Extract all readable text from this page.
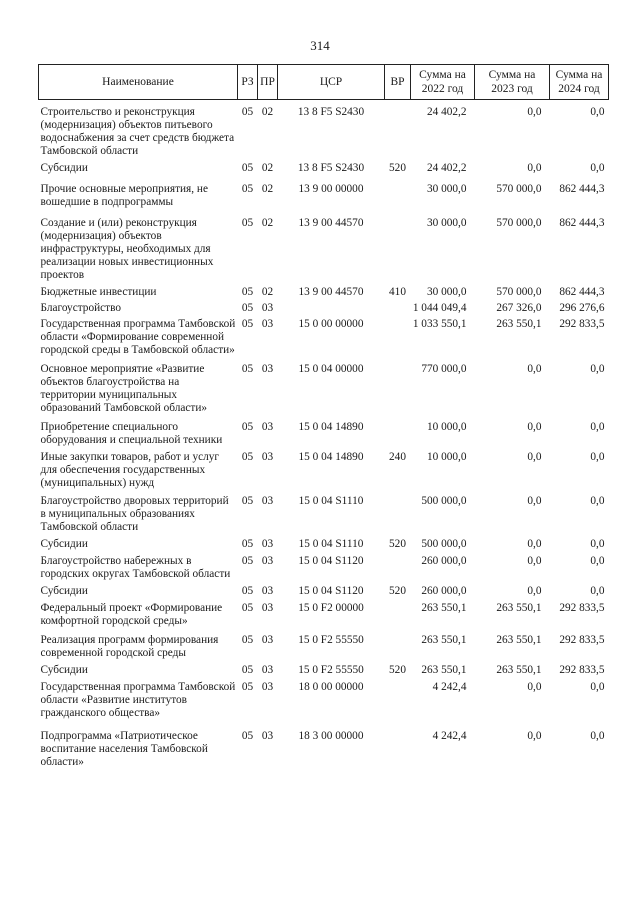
314
Наименование	РЗ	ПР	ЦСР	ВР	Сумма на 2022 год	Сумма на 2023 год	Сумма на 2024 год
Строительство и реконструкция (модернизация) объектов питьевого водоснабжения за счет средств бюджета Тамбовской области	05	02	13 8 F5 S2430		24 402,2	0,0	0,0
Субсидии	05	02	13 8 F5 S2430	520	24 402,2	0,0	0,0
Прочие основные мероприятия, не вошедшие в подпрограммы	05	02	13 9 00 00000		30 000,0	570 000,0	862 444,3
Создание и (или) реконструкция (модернизация) объектов инфраструктуры, необходимых для реализации новых инвестиционных проектов	05	02	13 9 00 44570		30 000,0	570 000,0	862 444,3
Бюджетные инвестиции	05	02	13 9 00 44570	410	30 000,0	570 000,0	862 444,3
Благоустройство	05	03			1 044 049,4	267 326,0	296 276,6
Государственная программа Тамбовской области «Формирование современной городской среды в Тамбовской области»	05	03	15 0 00 00000		1 033 550,1	263 550,1	292 833,5
Основное мероприятие «Развитие объектов благоустройства на территории муниципальных образований Тамбовской области»	05	03	15 0 04 00000		770 000,0	0,0	0,0
Приобретение специального оборудования и специальной техники	05	03	15 0 04 14890		10 000,0	0,0	0,0
Иные закупки товаров, работ и услуг для обеспечения государственных (муниципальных) нужд	05	03	15 0 04 14890	240	10 000,0	0,0	0,0
Благоустройство дворовых территорий в муниципальных образованиях Тамбовской области	05	03	15 0 04 S1110		500 000,0	0,0	0,0
Субсидии	05	03	15 0 04 S1110	520	500 000,0	0,0	0,0
Благоустройство набережных в городских округах Тамбовской области	05	03	15 0 04 S1120		260 000,0	0,0	0,0
Субсидии	05	03	15 0 04 S1120	520	260 000,0	0,0	0,0
Федеральный проект «Формирование комфортной городской среды»	05	03	15 0 F2 00000		263 550,1	263 550,1	292 833,5
Реализация программ формирования современной городской среды	05	03	15 0 F2 55550		263 550,1	263 550,1	292 833,5
Субсидии	05	03	15 0 F2 55550	520	263 550,1	263 550,1	292 833,5
Государственная программа Тамбовской области «Развитие институтов гражданского общества»	05	03	18 0 00 00000		4 242,4	0,0	0,0
Подпрограмма «Патриотическое воспитание населения Тамбовской области»	05	03	18 3 00 00000		4 242,4	0,0	0,0
